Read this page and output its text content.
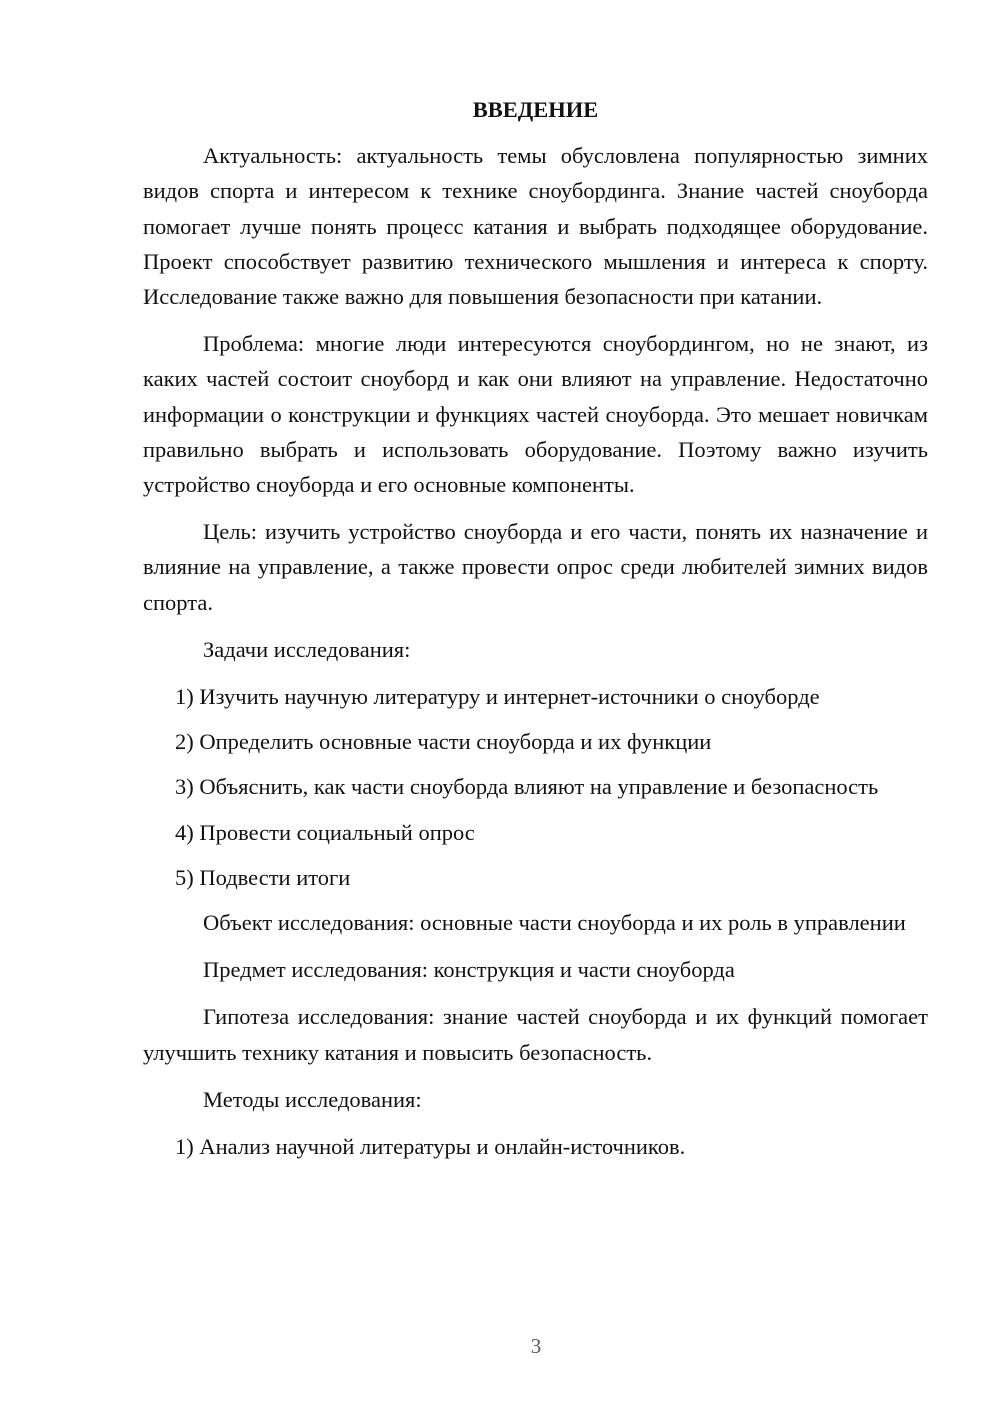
ВВЕДЕНИЕ

Актуальность: актуальность темы обусловлена популярностью зимних видов спорта и интересом к технике сноубординга. Знание частей сноуборда помогает лучше понять процесс катания и выбрать подходящее оборудование. Проект способствует развитию технического мышления и интереса к спорту. Исследование также важно для повышения безопасности при катании.

Проблема: многие люди интересуются сноубордингом, но не знают, из каких частей состоит сноуборд и как они влияют на управление. Недостаточно информации о конструкции и функциях частей сноуборда. Это мешает новичкам правильно выбрать и использовать оборудование. Поэтому важно изучить устройство сноуборда и его основные компоненты.

Цель: изучить устройство сноуборда и его части, понять их назначение и влияние на управление, а также провести опрос среди любителей зимних видов спорта.

Задачи исследования:

1) Изучить научную литературу и интернет-источники о сноуборде

2) Определить основные части сноуборда и их функции

3) Объяснить, как части сноуборда влияют на управление и безопасность

4) Провести социальный опрос

5) Подвести итоги

Объект исследования: основные части сноуборда и их роль в управлении

Предмет исследования: конструкция и части сноуборда

Гипотеза исследования: знание частей сноуборда и их функций помогает улучшить технику катания и повысить безопасность.

Методы исследования:

1) Анализ научной литературы и онлайн-источников.

3
